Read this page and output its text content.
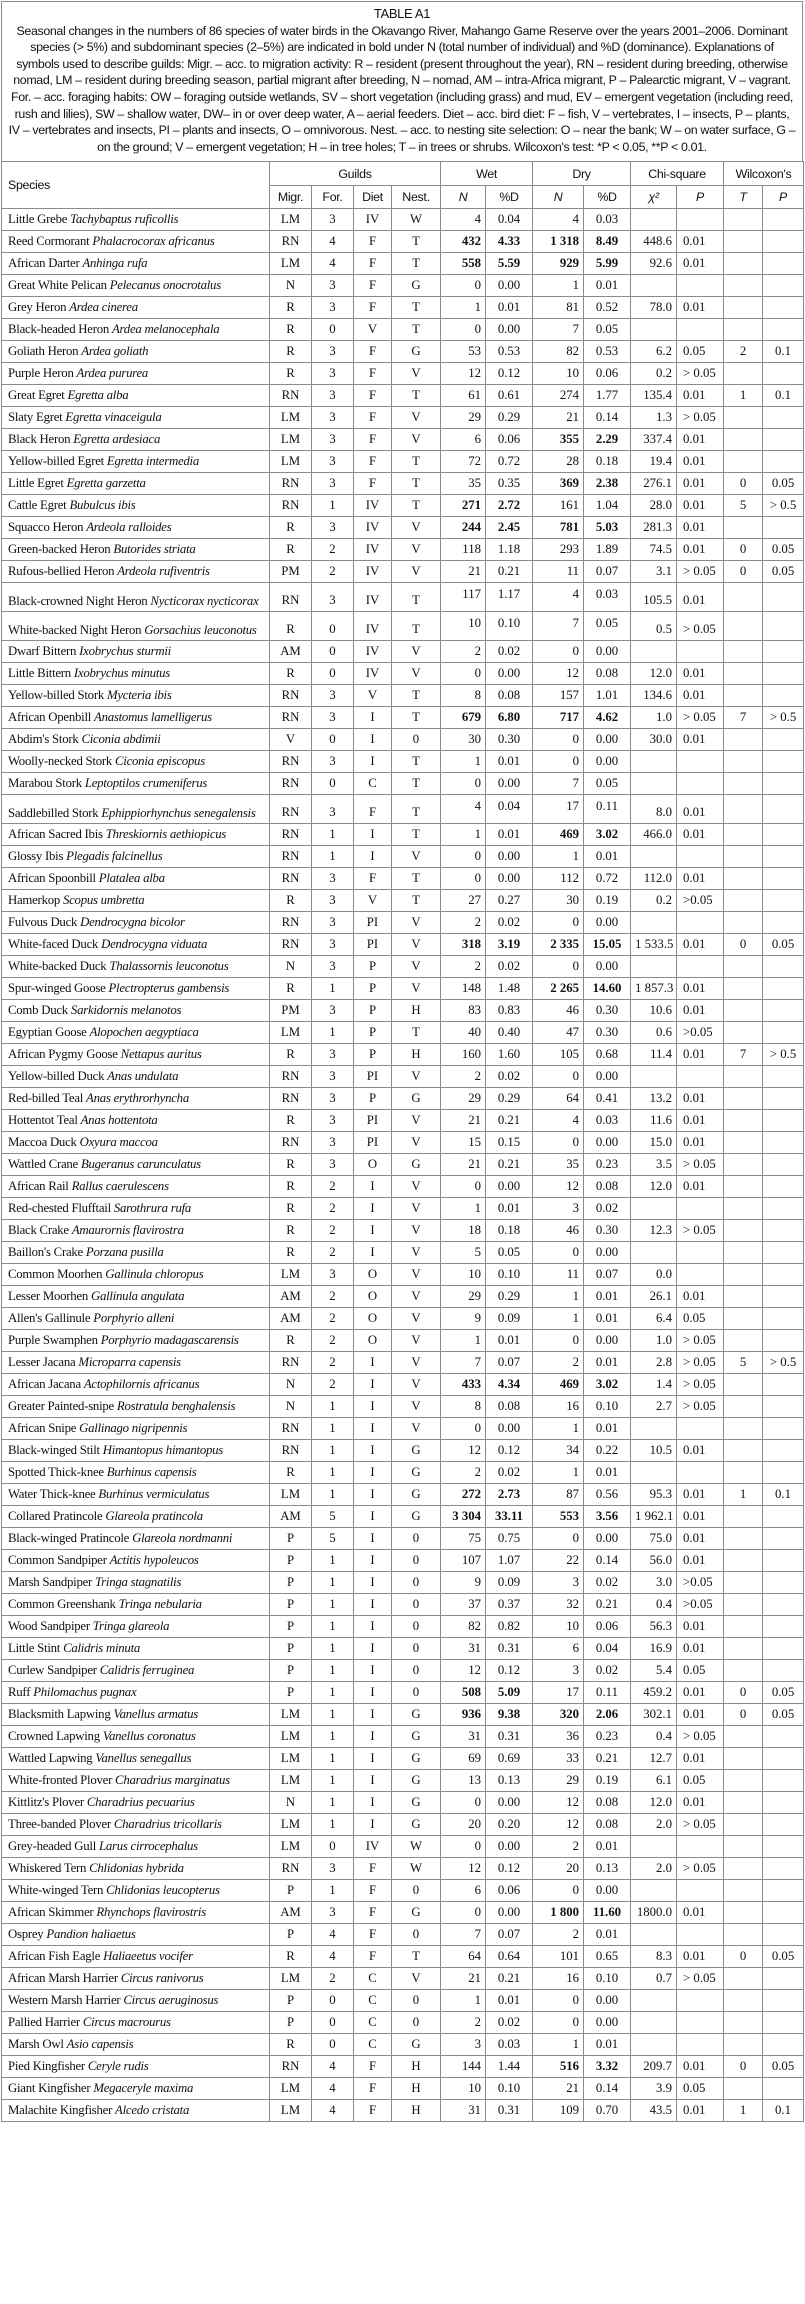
TABLE A1
Seasonal changes in the numbers of 86 species of water birds in the Okavango River, Mahango Game Reserve over the years 2001–2006. Dominant species (> 5%) and subdominant species (2–5%) are indicated in bold under N (total number of individual) and %D (dominance). Explanations of symbols used to describe guilds: Migr. – acc. to migration activity: R – resident (present throughout the year), RN – resident during breeding, otherwise nomad, LM – resident during breeding season, partial migrant after breeding, N – nomad, AM – intra-Africa migrant, P – Palearctic migrant, V – vagrant. For. – acc. foraging habits: OW – foraging outside wetlands, SV – short vegetation (including grass) and mud, EV – emergent vegetation (including reed, rush and lilies), SW – shallow water, DW– in or over deep water, A – aerial feeders. Diet – acc. bird diet: F – fish, V – vertebrates, I – insects, P – plants, IV – vertebrates and insects, PI – plants and insects, O – omnivorous. Nest. – acc. to nesting site selection: O – near the bank; W – on water surface, G – on the ground; V – emergent vegetation; H – in tree holes; T – in trees or shrubs. Wilcoxon's test: *P < 0.05, **P < 0.01.
Species	Guilds				Wet		Dry		Chi-square		Wilcoxon's	
	Migr.	For.	Diet	Nest.	N	%D	N	%D	χ²	P	T	P
Little Grebe Tachybaptus ruficollis	LM	3	IV	W	4	0.04	4	0.03				
Reed Cormorant Phalacrocorax africanus	RN	4	F	T	432	4.33	1 318	8.49	448.6	0.01		
African Darter Anhinga rufa	LM	4	F	T	558	5.59	929	5.99	92.6	0.01		
Great White Pelican Pelecanus onocrotalus	N	3	F	G	0	0.00	1	0.01				
Grey Heron Ardea cinerea	R	3	F	T	1	0.01	81	0.52	78.0	0.01		
Black-headed Heron Ardea melanocephala	R	0	V	T	0	0.00	7	0.05				
Goliath Heron Ardea goliath	R	3	F	G	53	0.53	82	0.53	6.2	0.05	2	0.1
Purple Heron Ardea pururea	R	3	F	V	12	0.12	10	0.06	0.2	> 0.05		
Great Egret Egretta alba	RN	3	F	T	61	0.61	274	1.77	135.4	0.01	1	0.1
Slaty Egret Egretta vinaceigula	LM	3	F	V	29	0.29	21	0.14	1.3	> 0.05		
Black Heron Egretta ardesiaca	LM	3	F	V	6	0.06	355	2.29	337.4	0.01		
Yellow-billed Egret Egretta intermedia	LM	3	F	T	72	0.72	28	0.18	19.4	0.01		
Little Egret Egretta garzetta	RN	3	F	T	35	0.35	369	2.38	276.1	0.01	0	0.05
Cattle Egret Bubulcus ibis	RN	1	IV	T	271	2.72	161	1.04	28.0	0.01	5	> 0.5
Squacco Heron Ardeola ralloides	R	3	IV	V	244	2.45	781	5.03	281.3	0.01		
Green-backed Heron Butorides striata	R	2	IV	V	118	1.18	293	1.89	74.5	0.01	0	0.05
Rufous-bellied Heron Ardeola rufiventris	PM	2	IV	V	21	0.21	11	0.07	3.1	> 0.05	0	0.05
Black-crowned Night Heron Nycticorax nycticorax	RN	3	IV	T	117	1.17	4	0.03	105.5	0.01		
White-backed Night Heron Gorsachius leuconotus	R	0	IV	T	10	0.10	7	0.05	0.5	> 0.05		
Dwarf Bittern Ixobrychus sturmii	AM	0	IV	V	2	0.02	0	0.00				
Little Bittern Ixobrychus minutus	R	0	IV	V	0	0.00	12	0.08	12.0	0.01		
Yellow-billed Stork Mycteria ibis	RN	3	V	T	8	0.08	157	1.01	134.6	0.01		
African Openbill Anastomus lamelligerus	RN	3	I	T	679	6.80	717	4.62	1.0	> 0.05	7	> 0.5
Abdim's Stork Ciconia abdimii	V	0	I	0	30	0.30	0	0.00	30.0	0.01		
Woolly-necked Stork Ciconia episcopus	RN	3	I	T	1	0.01	0	0.00				
Marabou Stork Leptoptilos crumeniferus	RN	0	C	T	0	0.00	7	0.05				
Saddlebilled Stork Ephippiorhynchus senegalensis	RN	3	F	T	4	0.04	17	0.11	8.0	0.01		
African Sacred Ibis Threskiornis aethiopicus	RN	1	I	T	1	0.01	469	3.02	466.0	0.01		
Glossy Ibis Plegadis falcinellus	RN	1	I	V	0	0.00	1	0.01				
African Spoonbill Platalea alba	RN	3	F	T	0	0.00	112	0.72	112.0	0.01		
Hamerkop Scopus umbretta	R	3	V	T	27	0.27	30	0.19	0.2	>0.05		
Fulvous Duck Dendrocygna bicolor	RN	3	PI	V	2	0.02	0	0.00				
White-faced Duck Dendrocygna viduata	RN	3	PI	V	318	3.19	2 335	15.05	1 533.5	0.01	0	0.05
White-backed Duck Thalassornis leuconotus	N	3	P	V	2	0.02	0	0.00				
Spur-winged Goose Plectropterus gambensis	R	1	P	V	148	1.48	2 265	14.60	1 857.3	0.01		
Comb Duck Sarkidornis melanotos	PM	3	P	H	83	0.83	46	0.30	10.6	0.01		
Egyptian Goose Alopochen aegyptiaca	LM	1	P	T	40	0.40	47	0.30	0.6	>0.05		
African Pygmy Goose Nettapus auritus	R	3	P	H	160	1.60	105	0.68	11.4	0.01	7	> 0.5
Yellow-billed Duck Anas undulata	RN	3	PI	V	2	0.02	0	0.00				
Red-billed Teal Anas erythrorhyncha	RN	3	P	G	29	0.29	64	0.41	13.2	0.01		
Hottentot Teal Anas hottentota	R	3	PI	V	21	0.21	4	0.03	11.6	0.01		
Maccoa Duck Oxyura maccoa	RN	3	PI	V	15	0.15	0	0.00	15.0	0.01		
Wattled Crane Bugeranus carunculatus	R	3	O	G	21	0.21	35	0.23	3.5	> 0.05		
African Rail Rallus caerulescens	R	2	I	V	0	0.00	12	0.08	12.0	0.01		
Red-chested Flufftail Sarothrura rufa	R	2	I	V	1	0.01	3	0.02				
Black Crake Amaurornis flavirostra	R	2	I	V	18	0.18	46	0.30	12.3	> 0.05		
Baillon's Crake Porzana pusilla	R	2	I	V	5	0.05	0	0.00				
Common Moorhen Gallinula chloropus	LM	3	O	V	10	0.10	11	0.07	0.0			
Lesser Moorhen Gallinula angulata	AM	2	O	V	29	0.29	1	0.01	26.1	0.01		
Allen's Gallinule Porphyrio alleni	AM	2	O	V	9	0.09	1	0.01	6.4	0.05		
Purple Swamphen Porphyrio madagascarensis	R	2	O	V	1	0.01	0	0.00	1.0	> 0.05		
Lesser Jacana Microparra capensis	RN	2	I	V	7	0.07	2	0.01	2.8	> 0.05	5	> 0.5
African Jacana Actophilornis africanus	N	2	I	V	433	4.34	469	3.02	1.4	> 0.05		
Greater Painted-snipe Rostratula benghalensis	N	1	I	V	8	0.08	16	0.10	2.7	> 0.05		
African Snipe Gallinago nigripennis	RN	1	I	V	0	0.00	1	0.01				
Black-winged Stilt Himantopus himantopus	RN	1	I	G	12	0.12	34	0.22	10.5	0.01		
Spotted Thick-knee Burhinus capensis	R	1	I	G	2	0.02	1	0.01				
Water Thick-knee Burhinus vermiculatus	LM	1	I	G	272	2.73	87	0.56	95.3	0.01	1	0.1
Collared Pratincole Glareola pratincola	AM	5	I	G	3 304	33.11	553	3.56	1 962.1	0.01		
Black-winged Pratincole Glareola nordmanni	P	5	I	0	75	0.75	0	0.00	75.0	0.01		
Common Sandpiper Actitis hypoleucos	P	1	I	0	107	1.07	22	0.14	56.0	0.01		
Marsh Sandpiper Tringa stagnatilis	P	1	I	0	9	0.09	3	0.02	3.0	>0.05		
Common Greenshank Tringa nebularia	P	1	I	0	37	0.37	32	0.21	0.4	>0.05		
Wood Sandpiper Tringa glareola	P	1	I	0	82	0.82	10	0.06	56.3	0.01		
Little Stint Calidris minuta	P	1	I	0	31	0.31	6	0.04	16.9	0.01		
Curlew Sandpiper Calidris ferruginea	P	1	I	0	12	0.12	3	0.02	5.4	0.05		
Ruff Philomachus pugnax	P	1	I	0	508	5.09	17	0.11	459.2	0.01	0	0.05
Blacksmith Lapwing Vanellus armatus	LM	1	I	G	936	9.38	320	2.06	302.1	0.01	0	0.05
Crowned Lapwing Vanellus coronatus	LM	1	I	G	31	0.31	36	0.23	0.4	> 0.05		
Wattled Lapwing Vanellus senegallus	LM	1	I	G	69	0.69	33	0.21	12.7	0.01		
White-fronted Plover Charadrius marginatus	LM	1	I	G	13	0.13	29	0.19	6.1	0.05		
Kittlitz's Plover Charadrius pecuarius	N	1	I	G	0	0.00	12	0.08	12.0	0.01		
Three-banded Plover Charadrius tricollaris	LM	1	I	G	20	0.20	12	0.08	2.0	> 0.05		
Grey-headed Gull Larus cirrocephalus	LM	0	IV	W	0	0.00	2	0.01				
Whiskered Tern Chlidonias hybrida	RN	3	F	W	12	0.12	20	0.13	2.0	> 0.05		
White-winged Tern Chlidonias leucopterus	P	1	F	0	6	0.06	0	0.00				
African Skimmer Rhynchops flavirostris	AM	3	F	G	0	0.00	1 800	11.60	1800.0	0.01		
Osprey Pandion haliaetus	P	4	F	0	7	0.07	2	0.01				
African Fish Eagle Haliaeetus vocifer	R	4	F	T	64	0.64	101	0.65	8.3	0.01	0	0.05
African Marsh Harrier Circus ranivorus	LM	2	C	V	21	0.21	16	0.10	0.7	> 0.05		
Western Marsh Harrier Circus aeruginosus	P	0	C	0	1	0.01	0	0.00				
Pallied Harrier Circus macrourus	P	0	C	0	2	0.02	0	0.00				
Marsh Owl Asio capensis	R	0	C	G	3	0.03	1	0.01				
Pied Kingfisher Ceryle rudis	RN	4	F	H	144	1.44	516	3.32	209.7	0.01	0	0.05
Giant Kingfisher Megaceryle maxima	LM	4	F	H	10	0.10	21	0.14	3.9	0.05		
Malachite Kingfisher Alcedo cristata	LM	4	F	H	31	0.31	109	0.70	43.5	0.01	1	0.1
